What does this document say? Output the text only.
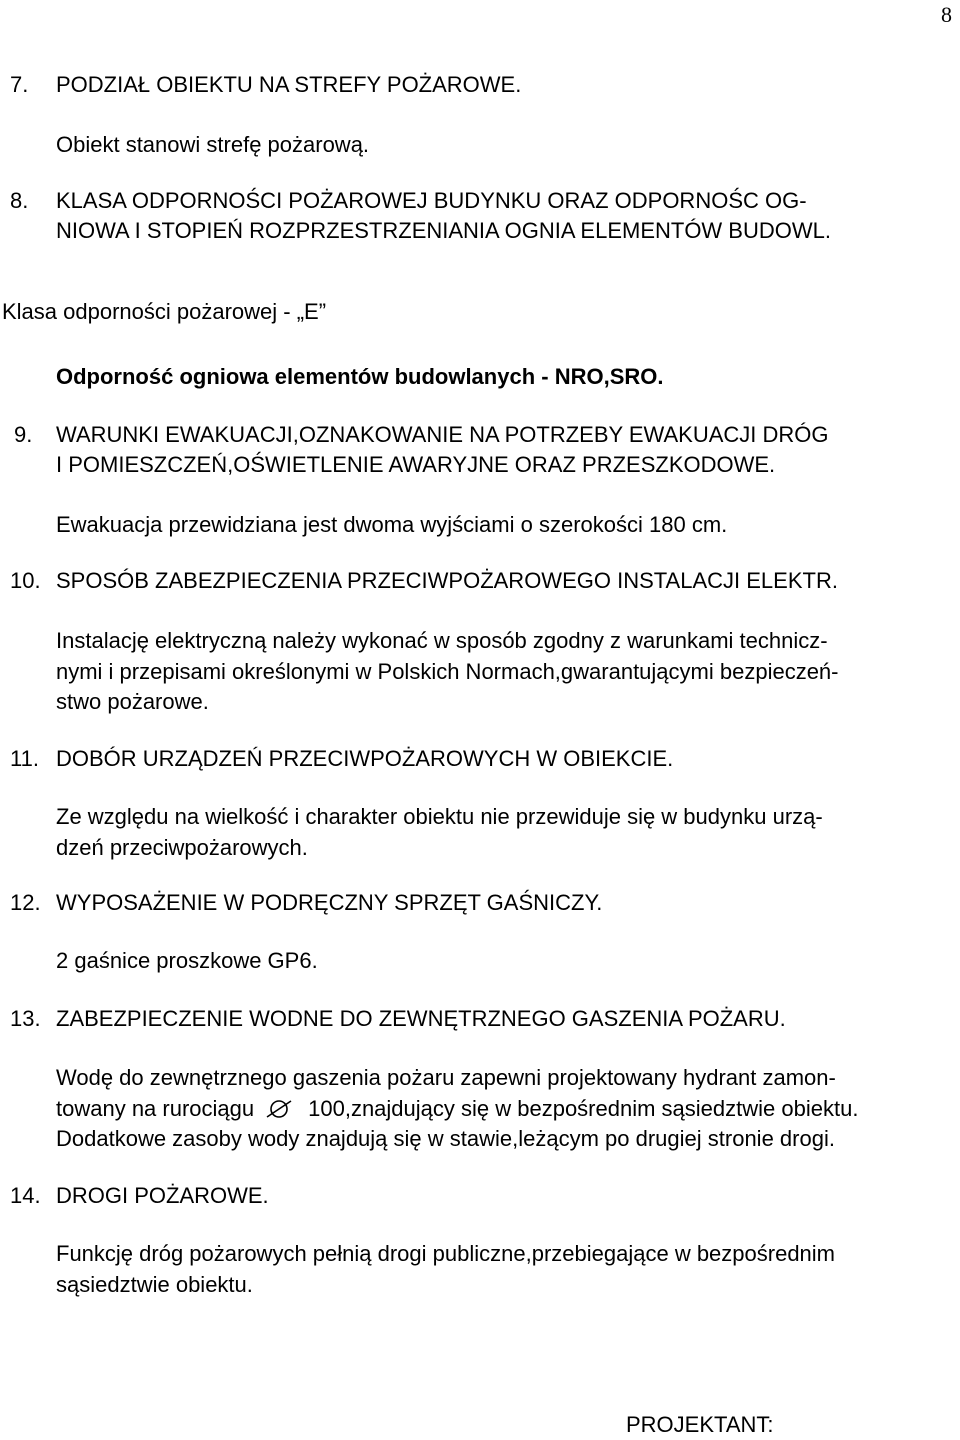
8
7. PODZIAŁ OBIEKTU NA STREFY POŻAROWE.
Obiekt stanowi strefę pożarową.
8. KLASA ODPORNOŚCI POŻAROWEJ BUDYNKU ORAZ ODPORNOŚC OG-
NIOWA I STOPIEŃ ROZPRZESTRZENIANIA OGNIA ELEMENTÓW BUDOWL.
Klasa odporności pożarowej - „E”
Odporność ogniowa elementów budowlanych - NRO,SRO.
9. WARUNKI EWAKUACJI,OZNAKOWANIE NA POTRZEBY EWAKUACJI DRÓG
I POMIESZCZEŃ,OŚWIETLENIE AWARYJNE ORAZ PRZESZKODOWE.
Ewakuacja przewidziana jest dwoma wyjściami o szerokości 180 cm.
10. SPOSÓB ZABEZPIECZENIA PRZECIWPOŻAROWEGO INSTALACJI ELEKTR.
Instalację elektryczną należy wykonać w sposób zgodny z warunkami technicz-
nymi i przepisami określonymi w Polskich Normach,gwarantującymi bezpieczeń-
stwo pożarowe.
11. DOBÓR URZĄDZEŃ PRZECIWPOŻAROWYCH W OBIEKCIE.
Ze względu na wielkość i charakter obiektu nie przewiduje się w budynku urzą-
dzeń przeciwpożarowych.
12. WYPOSAŻENIE W PODRĘCZNY SPRZĘT GAŚNICZY.
2 gaśnice proszkowe GP6.
13. ZABEZPIECZENIE WODNE DO ZEWNĘTRZNEGO GASZENIA POŻARU.
Wodę do zewnętrznego gaszenia pożaru zapewni projektowany hydrant zamon-
towany na rurociągu 100,znajdujący się w bezpośrednim sąsiedztwie obiektu.
Dodatkowe zasoby wody znajdują się w stawie,leżącym po drugiej stronie drogi.
14. DROGI POŻAROWE.
Funkcję dróg pożarowych pełnią drogi publiczne,przebiegające w bezpośrednim
sąsiedztwie obiektu.
PROJEKTANT:
